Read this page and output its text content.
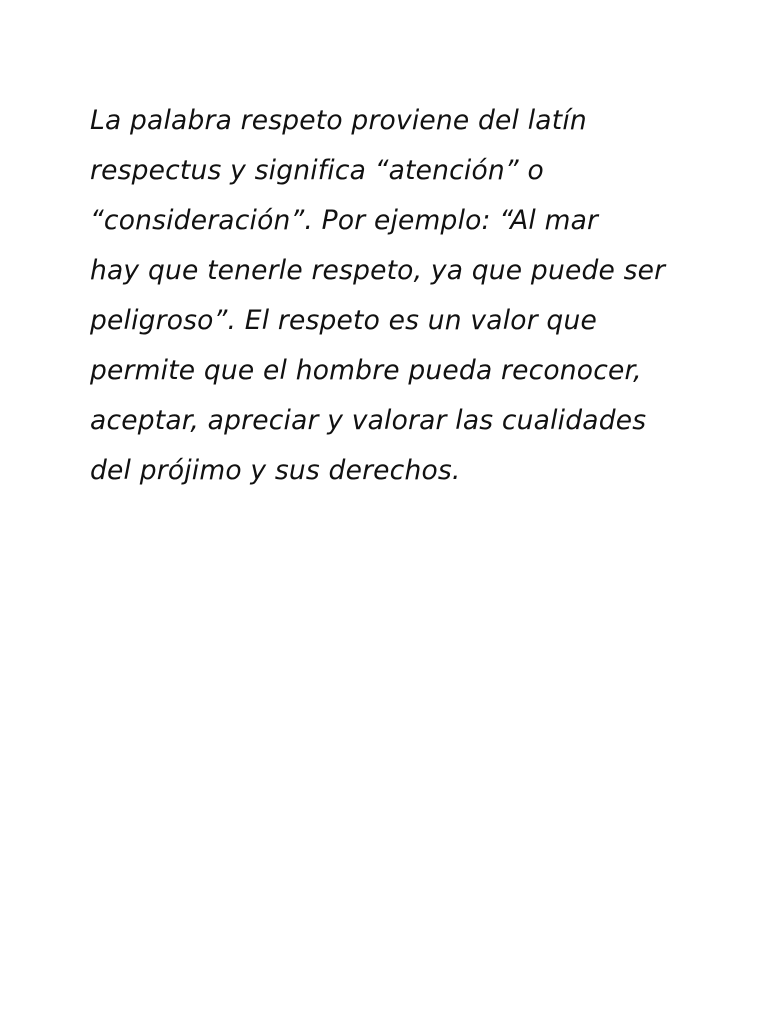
La palabra respeto proviene del latín
respectus y significa “atención” o
“consideración”. Por ejemplo: “Al mar
hay que tenerle respeto, ya que puede ser
peligroso”. El respeto es un valor que
permite que el hombre pueda reconocer,
aceptar, apreciar y valorar las cualidades
del prójimo y sus derechos.
